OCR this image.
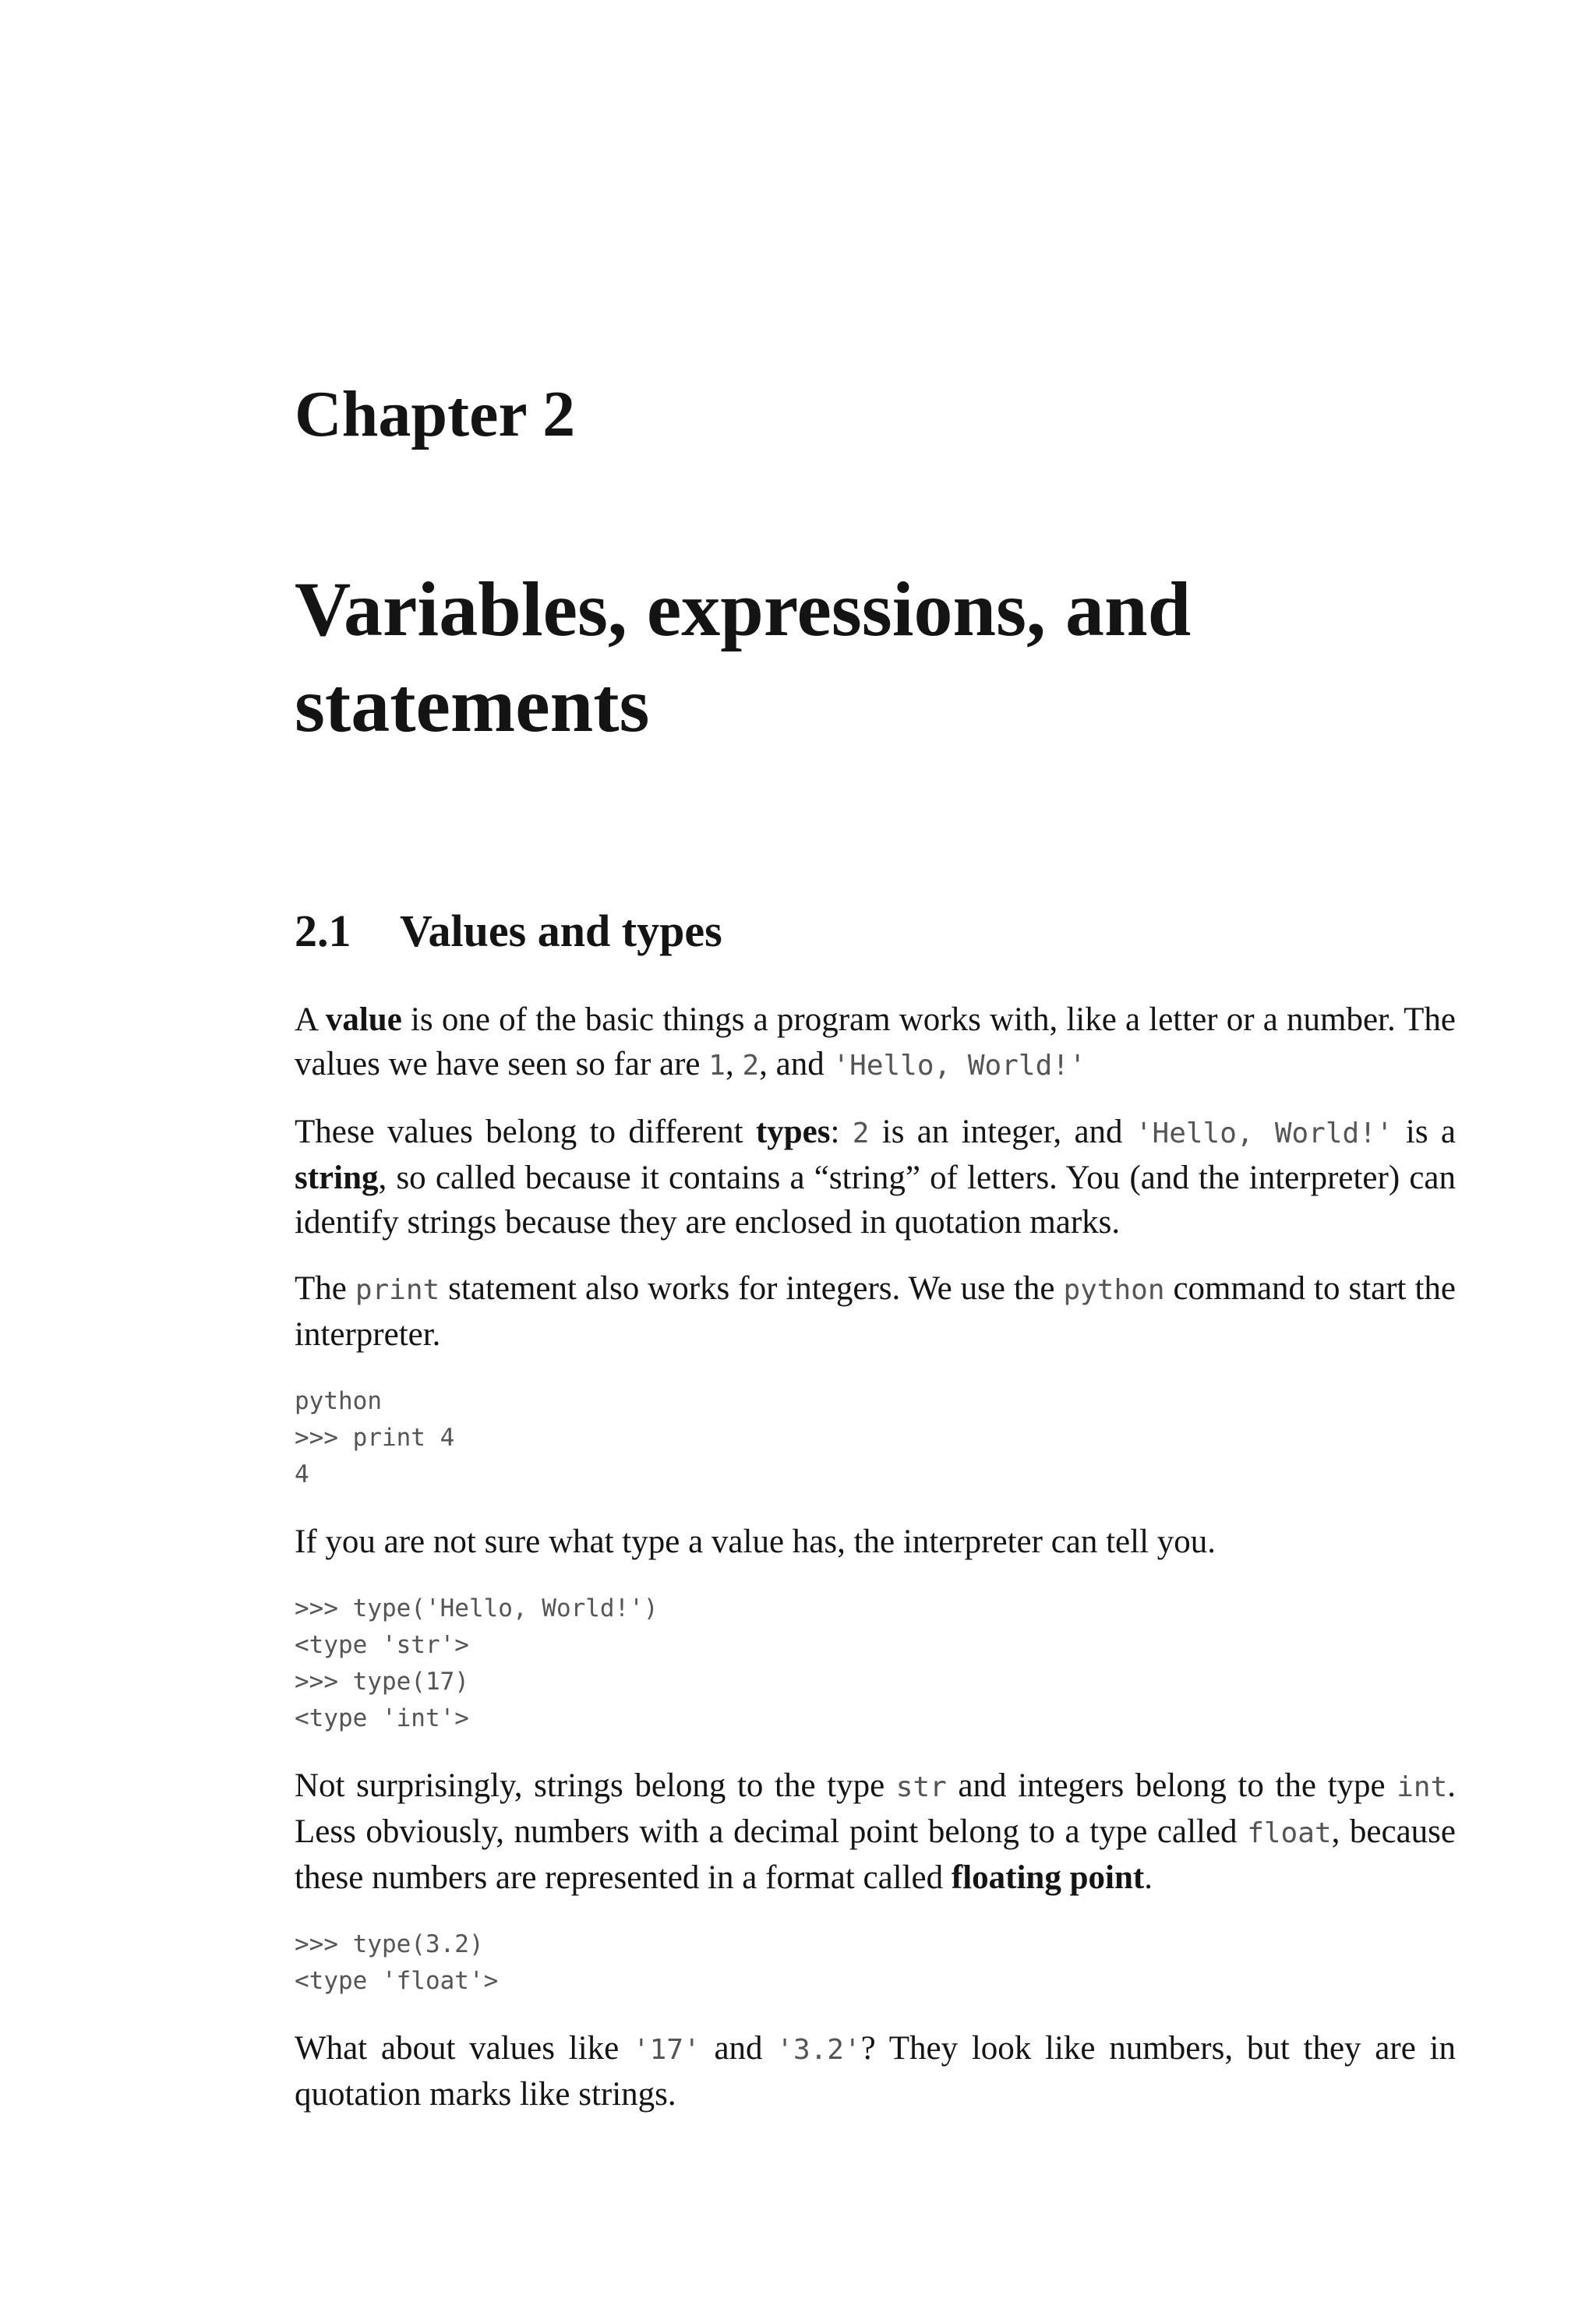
Chapter 2
Variables, expressions, and
statements
2.1 Values and types

A value is one of the basic things a program works with, like a letter or a number. The values we have seen so far are 1, 2, and 'Hello, World!'

These values belong to different types: 2 is an integer, and 'Hello, World!' is a string, so called because it contains a “string” of letters. You (and the interpreter) can identify strings because they are enclosed in quotation marks.

The print statement also works for integers. We use the python command to start the interpreter.

python
>>> print 4
4

If you are not sure what type a value has, the interpreter can tell you.

>>> type('Hello, World!')
<type 'str'>
>>> type(17)
<type 'int'>

Not surprisingly, strings belong to the type str and integers belong to the type int. Less obviously, numbers with a decimal point belong to a type called float, because these numbers are represented in a format called floating point.

>>> type(3.2)
<type 'float'>

What about values like '17' and '3.2'? They look like numbers, but they are in quotation marks like strings.
